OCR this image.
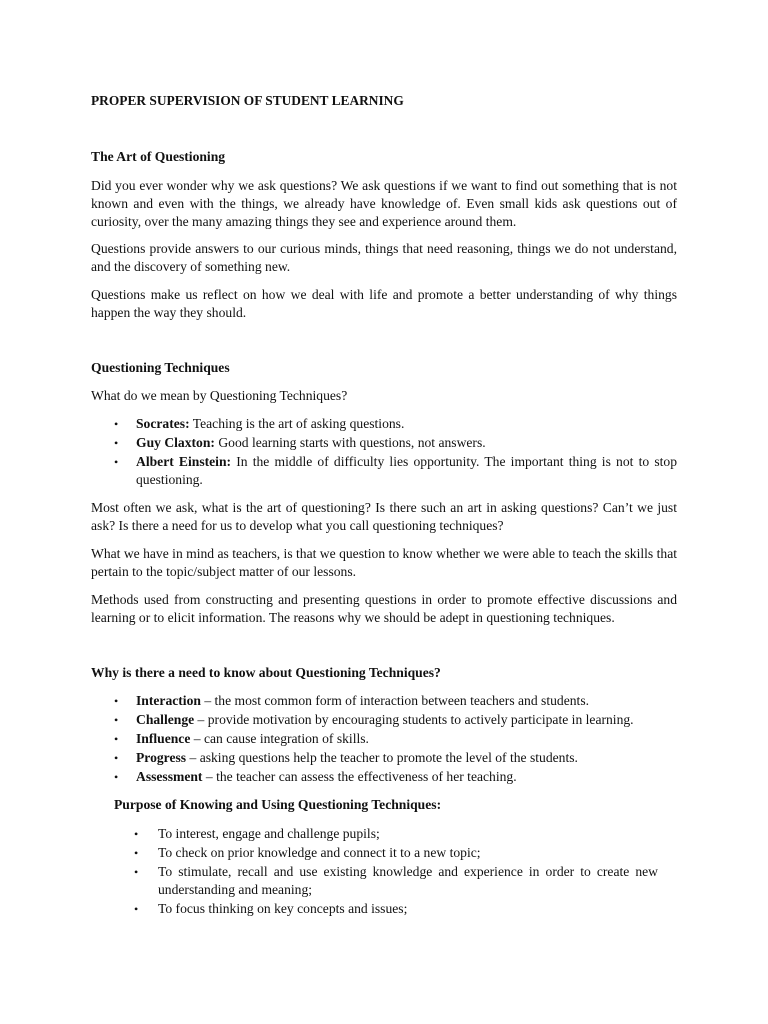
PROPER SUPERVISION OF STUDENT LEARNING

The Art of Questioning

Did you ever wonder why we ask questions? We ask questions if we want to find out something that is not known and even with the things, we already have knowledge of. Even small kids ask questions out of curiosity, over the many amazing things they see and experience around them.

Questions provide answers to our curious minds, things that need reasoning, things we do not understand, and the discovery of something new.

Questions make us reflect on how we deal with life and promote a better understanding of why things happen the way they should.

Questioning Techniques

What do we mean by Questioning Techniques?

• Socrates: Teaching is the art of asking questions.
• Guy Claxton: Good learning starts with questions, not answers.
• Albert Einstein: In the middle of difficulty lies opportunity. The important thing is not to stop questioning.

Most often we ask, what is the art of questioning? Is there such an art in asking questions? Can’t we just ask? Is there a need for us to develop what you call questioning techniques?

What we have in mind as teachers, is that we question to know whether we were able to teach the skills that pertain to the topic/subject matter of our lessons.

Methods used from constructing and presenting questions in order to promote effective discussions and learning or to elicit information. The reasons why we should be adept in questioning techniques.

Why is there a need to know about Questioning Techniques?

• Interaction – the most common form of interaction between teachers and students.
• Challenge – provide motivation by encouraging students to actively participate in learning.
• Influence – can cause integration of skills.
• Progress – asking questions help the teacher to promote the level of the students.
• Assessment – the teacher can assess the effectiveness of her teaching.

Purpose of Knowing and Using Questioning Techniques:

• To interest, engage and challenge pupils;
• To check on prior knowledge and connect it to a new topic;
• To stimulate, recall and use existing knowledge and experience in order to create new understanding and meaning;
• To focus thinking on key concepts and issues;
